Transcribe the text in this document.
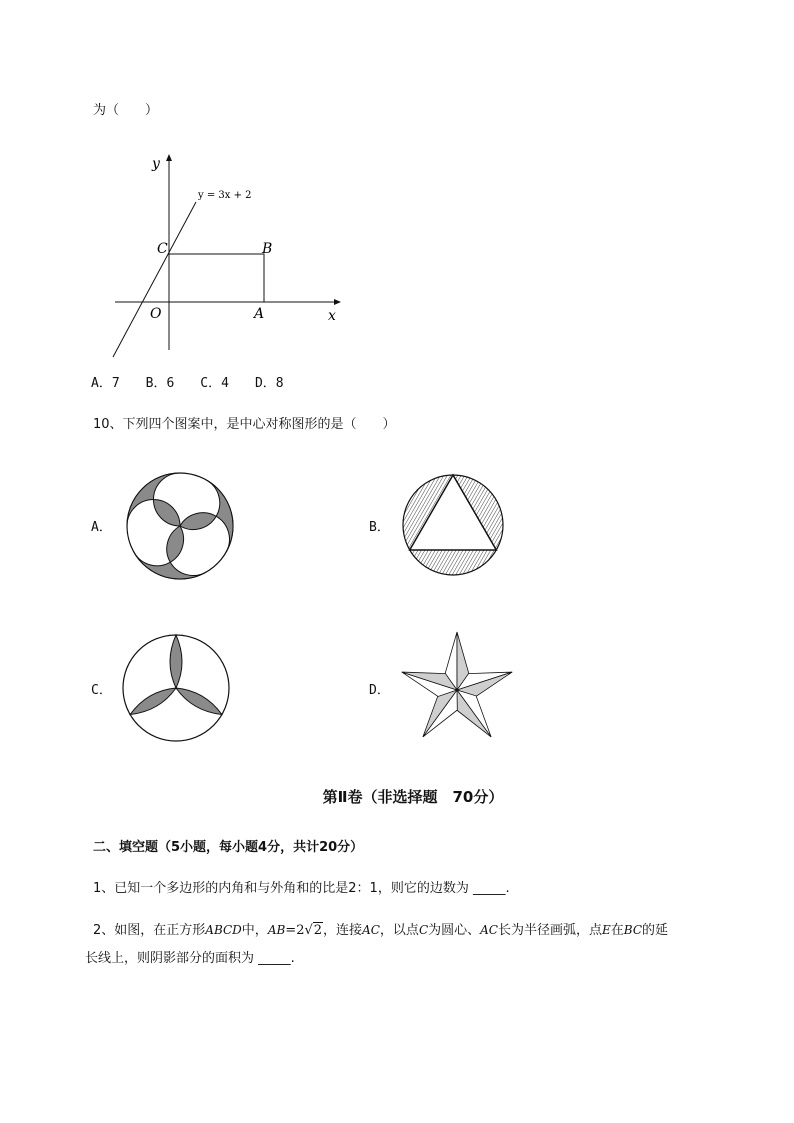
为（　　）
y
x
y = 3x + 2
O	A
B
C
A．7　　B．6　　C．4　　D．8
10、下列四个图案中，是中心对称图形的是（　　）
A．	B．
C．	D．
第Ⅱ卷（非选择题　70分）
二、填空题（5小题，每小题4分，共计20分）
1、已知一个多边形的内角和与外角和的比是2：1，则它的边数为 _____.
2、如图，在正方形ABCD中，AB=2√2，连接AC，以点C为圆心、AC长为半径画弧，点E在BC的延
长线上，则阴影部分的面积为 _____.
